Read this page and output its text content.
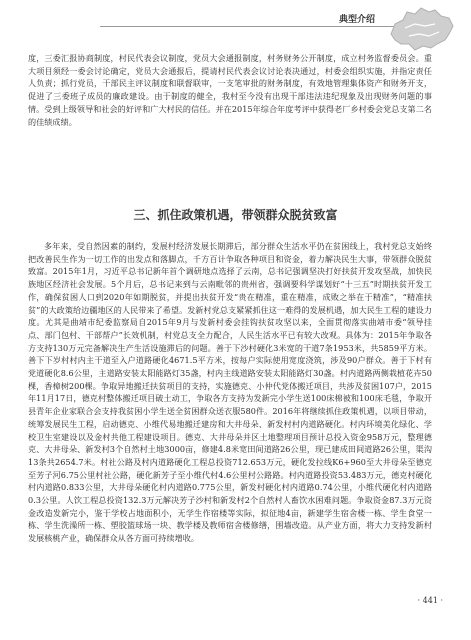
典型介绍
度，三委汇报协商制度，村民代表会议制度，党员大会通报制度，村务财务公开制度，成立村务监督委员会。重大项目须经一委会讨论确定，党员大会通报后，提请村民代表会议讨论表决通过，村委会组织实施，并指定责任人负责；抓行党员，干部民主评议制度和联督联审，一支笔审批的财务制度，有效地管理集体资产和财务开支，促进了三委班子成员的廉政建设。由于制度的健全，我村至今没有出现干部违法违纪现象及出现财务问题的事情。受到上级领导和社会的好评和广大村民的信任。并在2015年综合年度考评中获得老厂乡村委会党总支第二名的佳绩成绩。
三、抓住政策机遇，带领群众脱贫致富
多年来，受自然因素的制约，发展村经济发展长期滞后，部分群众生活水平仍在贫困线上，我村党总支始终把改善民生作为一切工作的出发点和落脚点，千方百计争取各种项目和资金，着力解决民生大事，带领群众脱贫致富。2015年1月，习近平总书记新年首个调研地点选择了云南，总书记强调坚决打好扶贫开发攻坚战，加快民族地区经济社会发展。5个月后，总书记来到与云南毗邻的贵州省，强调要科学谋划好“十三五”时期扶贫开发工作，确保贫困人口到2020年如期脱贫，并提出扶贫开发“贵在精准，重在精准，成败之举在于精准”，“精准扶贫”的大政策给边疆地区的人民带来了希望。发新村党总支紧紧抓住这一难得的发展机遇，加大民生工程的建设力度。尤其是曲靖市纪委监察局自2015年9月与发新村委会挂钩扶贫攻坚以来，全面贯彻落实曲靖市委“领导挂点、部门包村、干部帮户”长效机制，村党总支全力配合，人民生活水平已有较大改观。具体为：2015年争取各方支持130万元完备解决生产生活设施滞后的问题。善于下沙村硬化3米宽的干道7条1953米，共5859平方米。善下下岁村村内主干道至入户道路硬化4671.5平方米，按每户实际使用宽度浇筑，涉及90户群众。善于下村有党道硬化8.6公里，主道路安装太阳能路灯35盏，村内主线道路安装太阳能路灯30盏。村内道路两侧栽植花卉50棵，香樟树200棵。争取异地搬迁扶贫项目的支持，实施德克、小仲代党体搬迁项目，共涉及贫困107户，2015年11月17日，德克村整体搬迁项目破土动工，争取各方支持为发新完小学生送100床棉被和100床毛毯，争取开县青年企业家联合会支持我贫困小学生送全贫困群众送衣服580件。2016年将继续抓住政策机遇，以项目带动，统筹发展民生工程，启动德克、小维代易地搬迁建房和大井母朵、新发村村内道路硬化。村内环境美化绿化、学校卫生室建设以及金村共他工程建设项目。德克、大井母朵并区土地整理项目预计总投入资金958万元，整理德克、大井母朵、新发村3个自然村土地3000亩，修建4.8米宽田间道路26公里，现已建成田间道路26公里，渠沟13条共2654.7米。村社公路及村内道路硬化工程总投资712.653万元，硬化发拉线K6+960至大井母朵至德克至芳子河6.75公里村社公路，硬化新芳子至小维代村4.6公里村公路路。村内道路投资53.483万元，德克村硬化村内道路0.833公里，大井母朵硬化村内道路0.775公里，新发村硬化村内道路0.74公里，小维代硬化村内道路0.3公里。人饮工程总投资132.3万元解决芳子沙村和新发村2个自然村人畜饮水困难问题。争取资金87.3万元资金改造发新完小，鉴于学校占地面积小，无学生作宿楼等实际，拟征地4亩，新建学生宿舍楼一栋、学生食堂一栋、学生洗澡所一栋、塑胶篮球场一块、教学楼及教师宿舍楼修缮，围墙改造。从产业方面，将大力支持发新村发展核桃产业，确保群众从各方面可持续增收。
· 441 ·
